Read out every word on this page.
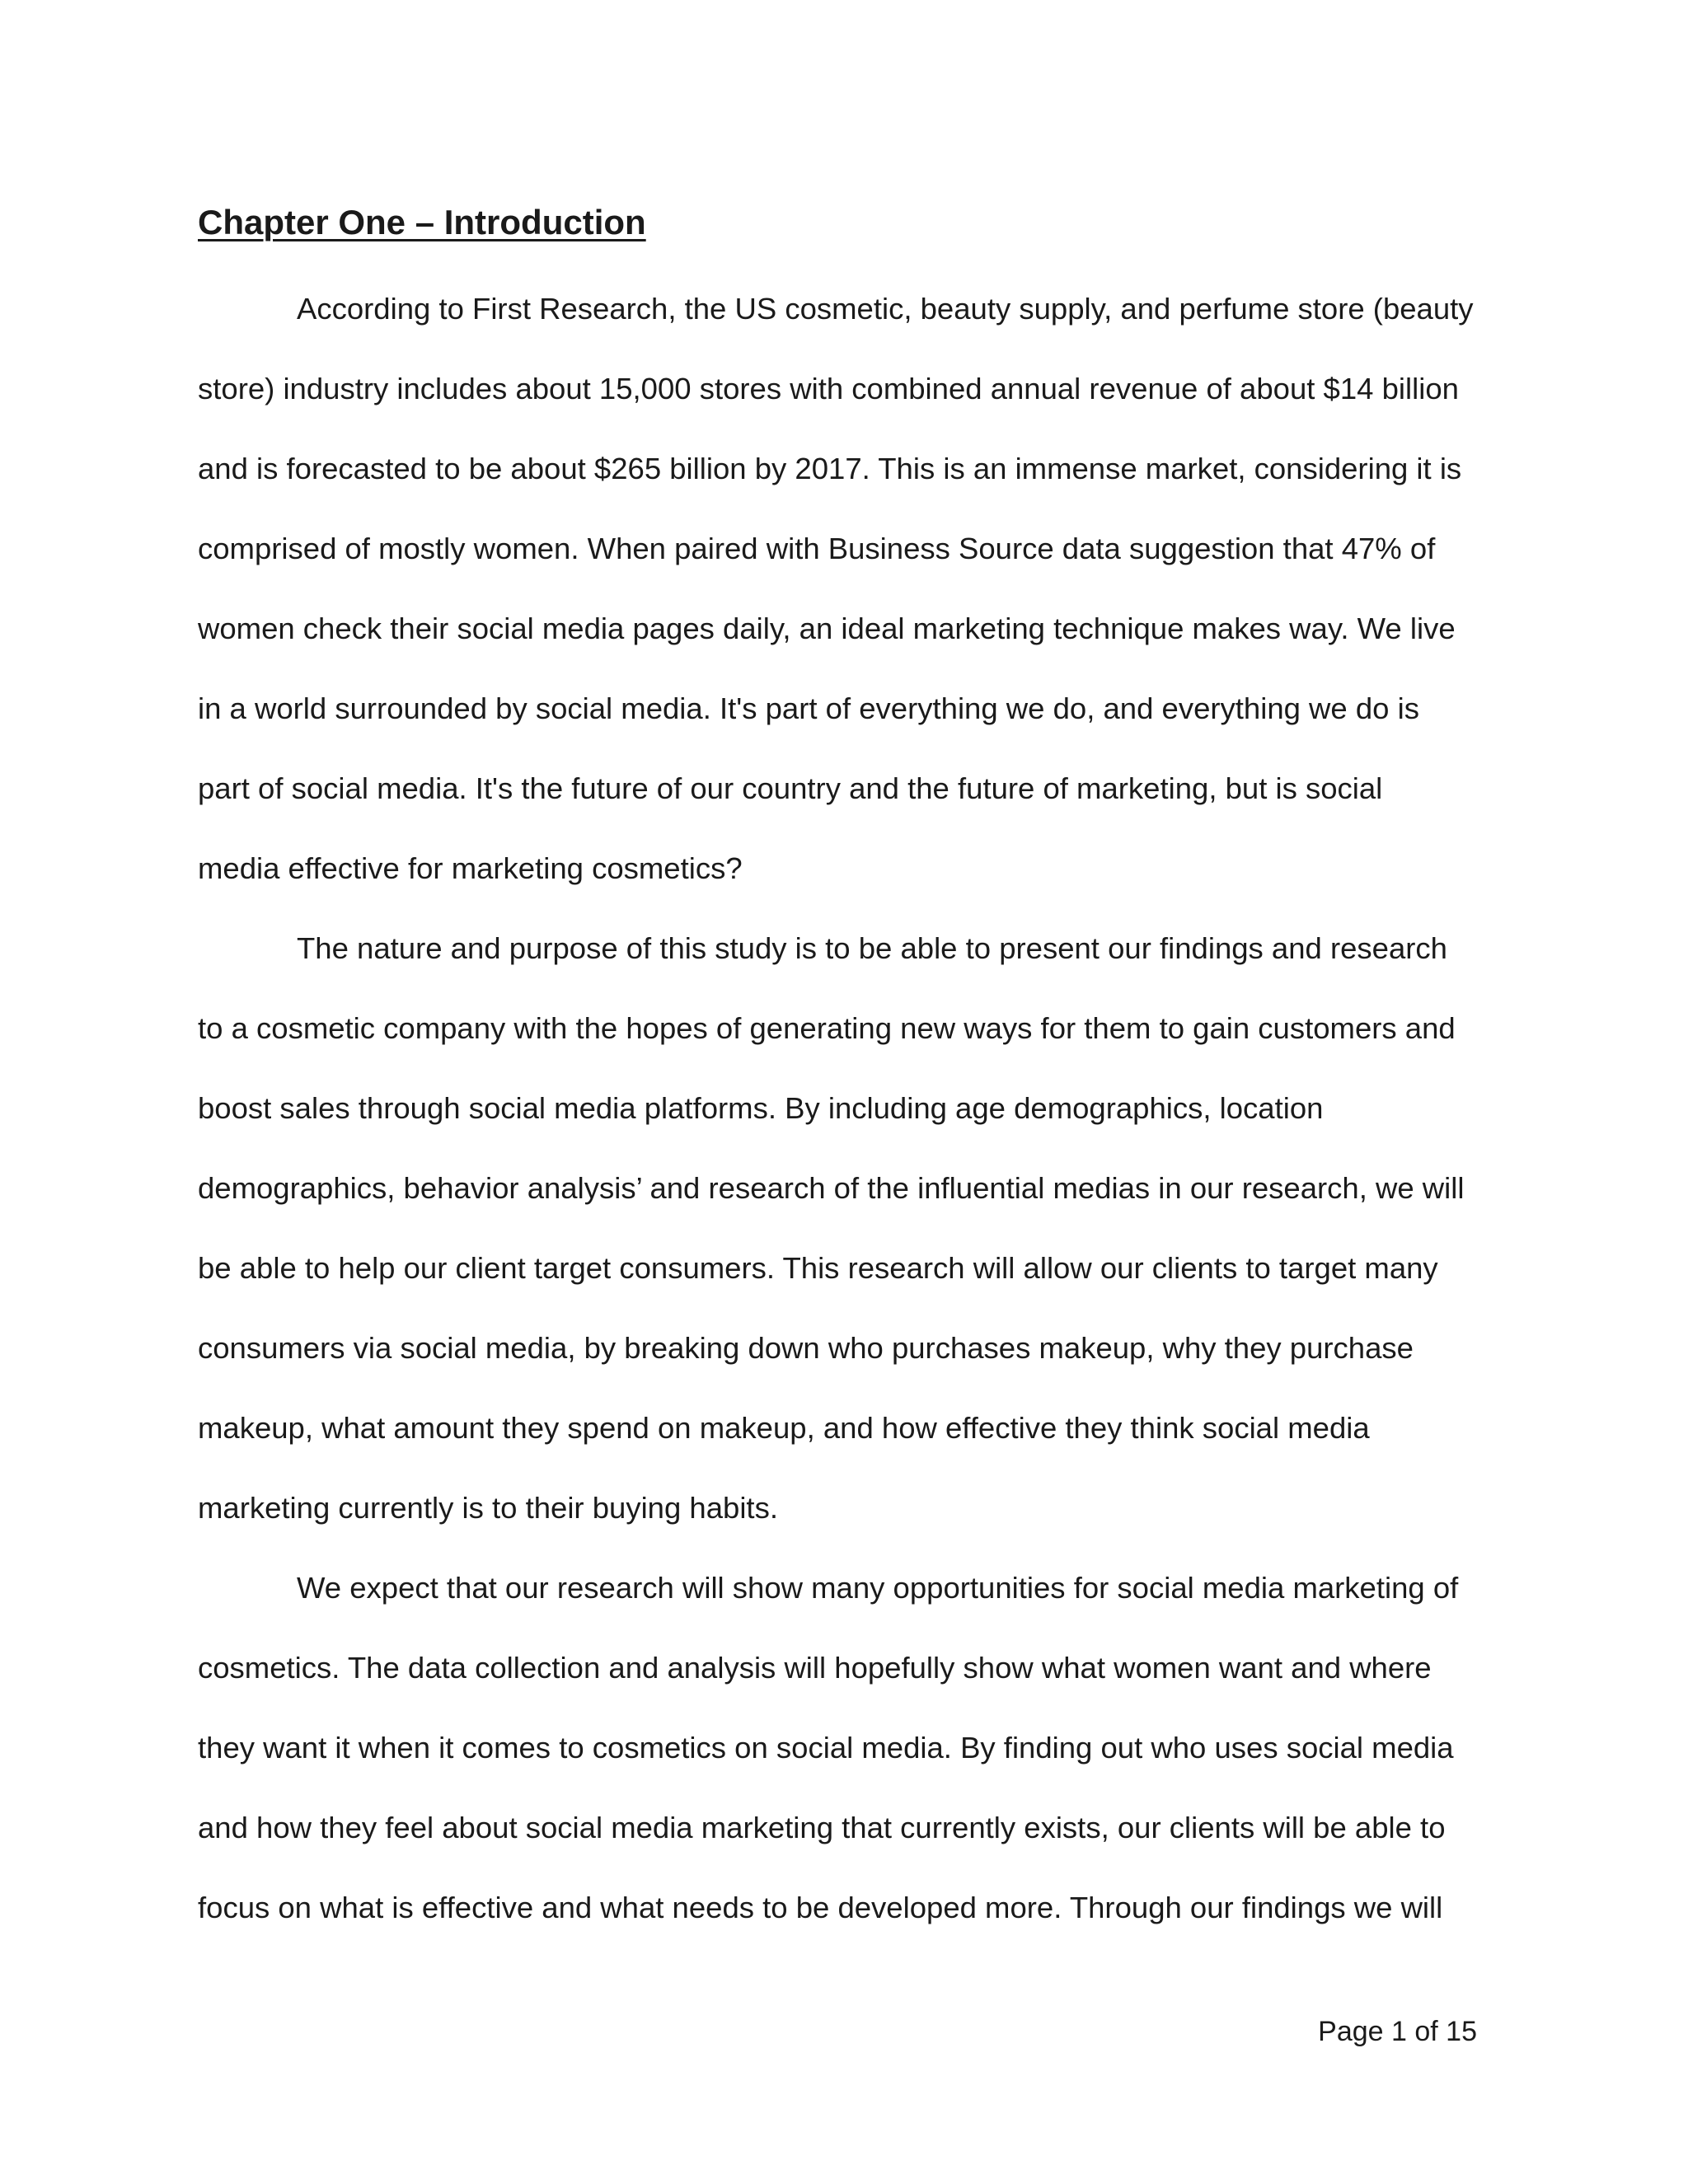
Chapter One – Introduction

According to First Research, the US cosmetic, beauty supply, and perfume store (beauty

store) industry includes about 15,000 stores with combined annual revenue of about $14 billion

and is forecasted to be about $265 billion by 2017. This is an immense market, considering it is

comprised of mostly women. When paired with Business Source data suggestion that 47% of

women check their social media pages daily, an ideal marketing technique makes way. We live

in a world surrounded by social media. It's part of everything we do, and everything we do is

part of social media. It's the future of our country and the future of marketing, but is social

media effective for marketing cosmetics?

The nature and purpose of this study is to be able to present our findings and research

to a cosmetic company with the hopes of generating new ways for them to gain customers and

boost sales through social media platforms. By including age demographics, location

demographics, behavior analysis’ and research of the influential medias in our research, we will

be able to help our client target consumers. This research will allow our clients to target many

consumers via social media, by breaking down who purchases makeup, why they purchase

makeup, what amount they spend on makeup, and how effective they think social media

marketing currently is to their buying habits.

We expect that our research will show many opportunities for social media marketing of

cosmetics. The data collection and analysis will hopefully show what women want and where

they want it when it comes to cosmetics on social media. By finding out who uses social media

and how they feel about social media marketing that currently exists, our clients will be able to

focus on what is effective and what needs to be developed more. Through our findings we will

Page 1 of 15
